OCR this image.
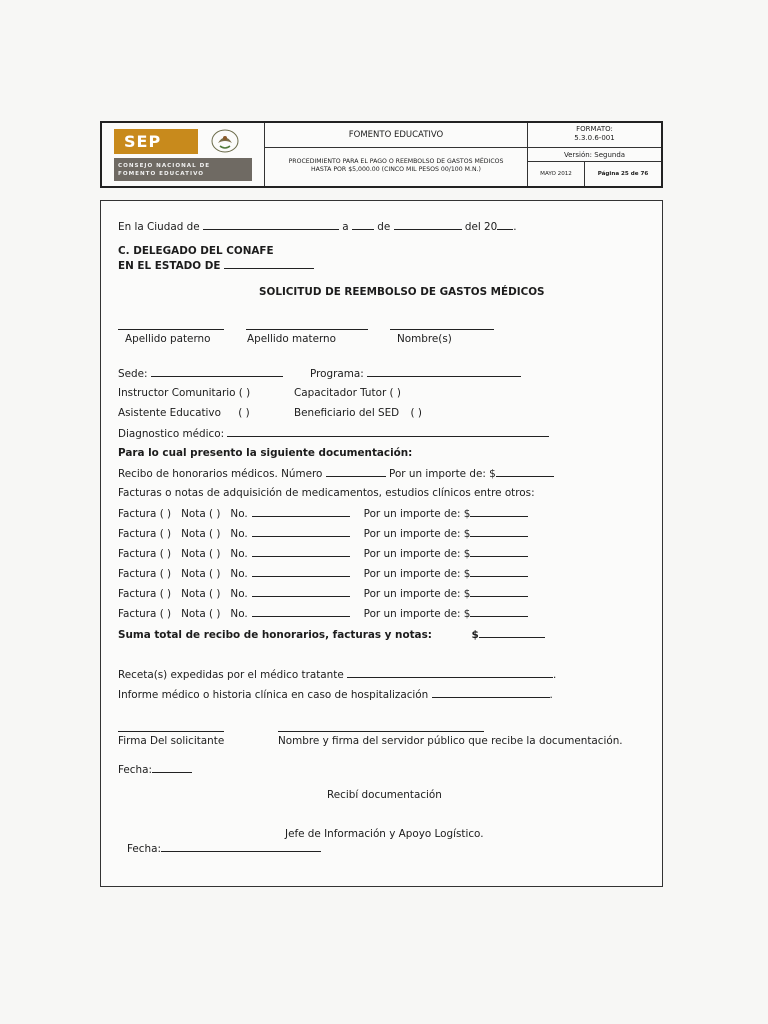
SEP
CONSEJO NACIONAL DE
FOMENTO EDUCATIVO
FOMENTO EDUCATIVO
PROCEDIMIENTO PARA EL PAGO O REEMBOLSO DE GASTOS MÉDICOS
HASTA POR $5,000.00 (CINCO MIL PESOS 00/100 M.N.)
FORMATO:
5.3.0.6-001
Versión: Segunda
MAYO 2012	Página 25 de 76
En la Ciudad de	a	de	del 20 .
C. DELEGADO DEL CONAFE
EN EL ESTADO DE
SOLICITUD DE REEMBOLSO DE GASTOS MÉDICOS
Apellido paterno	Apellido materno	Nombre(s)
Sede:	Programa:
Instructor Comunitario ( )	Capacitador Tutor ( )
Asistente Educativo ( )	Beneficiario del SED ( )
Diagnostico médico:
Para lo cual presento la siguiente documentación:
Recibo de honorarios médicos. Número	Por un importe de: $
Facturas o notas de adquisición de medicamentos, estudios clínicos entre otros:
Factura ( ) Nota ( ) No.	Por un importe de: $
Factura ( ) Nota ( ) No.	Por un importe de: $
Factura ( ) Nota ( ) No.	Por un importe de: $
Factura ( ) Nota ( ) No.	Por un importe de: $
Factura ( ) Nota ( ) No.	Por un importe de: $
Factura ( ) Nota ( ) No.	Por un importe de: $
Suma total de recibo de honorarios, facturas y notas:	$
Receta(s) expedidas por el médico tratante	.
Informe médico o historia clínica en caso de hospitalización	.
Firma Del solicitante	Nombre y firma del servidor público que recibe la documentación.
Fecha:
Recibí documentación
Jefe de Información y Apoyo Logístico.
Fecha:
